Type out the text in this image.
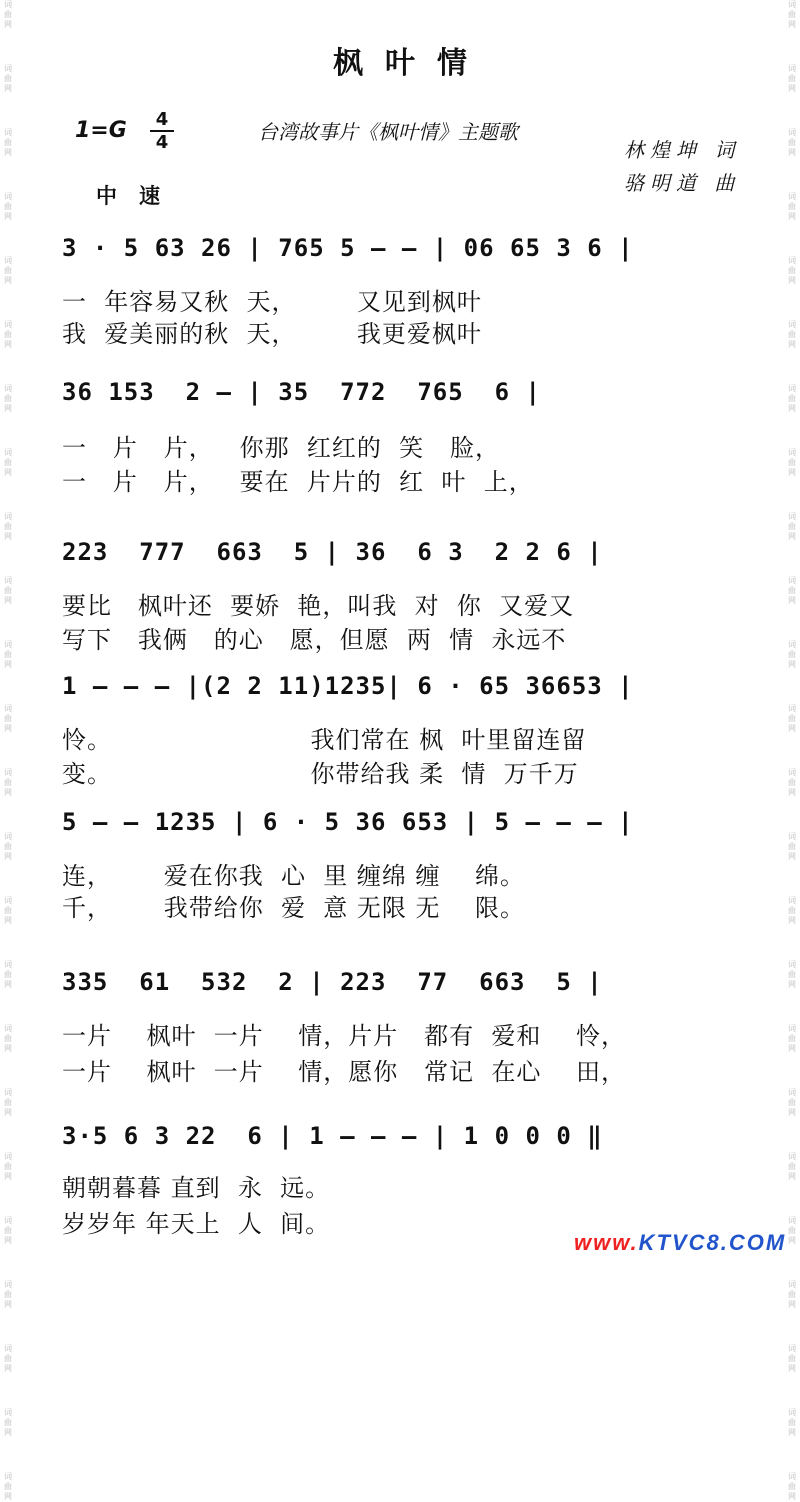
词
曲
网
词
曲
网
词
曲
网
词
曲
网
词
曲
网
词
曲
网
词
曲
网
词
曲
网
词
曲
网
词
曲
网
词
曲
网
词
曲
网
词
曲
网
词
曲
网
词
曲
网
词
曲
网
词
曲
网
词
曲
网
词
曲
网
词
曲
网
词
曲
网
词
曲
网
词
曲
网
词
曲
网
词
曲
网
词
曲
网
词
曲
网
词
曲
网
词
曲
网
词
曲
网
词
曲
网
词
曲
网
词
曲
网
词
曲
网
词
曲
网
词
曲
网
词
曲
网
词
曲
网
词
曲
网
词
曲
网
词
曲
网
词
曲
网
词
曲
网
词
曲
网
词
曲
网
词
曲
网
词
曲
网
词
曲
网
枫叶情
1=G	4
4	台湾故事片《枫叶情》主题歌
中速
林煌坤 词
骆明道 曲
3 · 5 63 26 | 765 5 — — | 06 65 3 6 |
一  年容易又秋  天，       又见到枫叶
我  爱美丽的秋  天，       我更爱枫叶
36 153  2 — | 35  772  765  6 |
一   片   片，   你那  红红的  笑   脸，
一   片   片，   要在  片片的  红  叶  上，
223  777  663  5 | 36  6 3  2 2 6 |
要比   枫叶还  要娇  艳，叫我  对  你  又爱又
写下   我俩   的心   愿，但愿  两  情  永远不
1 — — — |(2 2 11)1235| 6 · 65 36653 |
怜。                       我们常在 枫  叶里留连留
变。                       你带给我 柔  情  万千万
5 — — 1235 | 6 · 5 36 653 | 5 — — — |
连，      爱在你我  心  里 缠绵 缠    绵。
千，      我带给你  爱  意 无限 无    限。
335  61  532  2 | 223  77  663  5 |
一片    枫叶  一片    情，片片   都有  爱和    怜，
一片    枫叶  一片    情，愿你   常记  在心    田，
3·5 6 3 22  6 | 1 — — — | 1 0 0 0 ‖
朝朝暮暮 直到  永  远。
岁岁年 年天上  人  间。
www.KTVC8.COM
